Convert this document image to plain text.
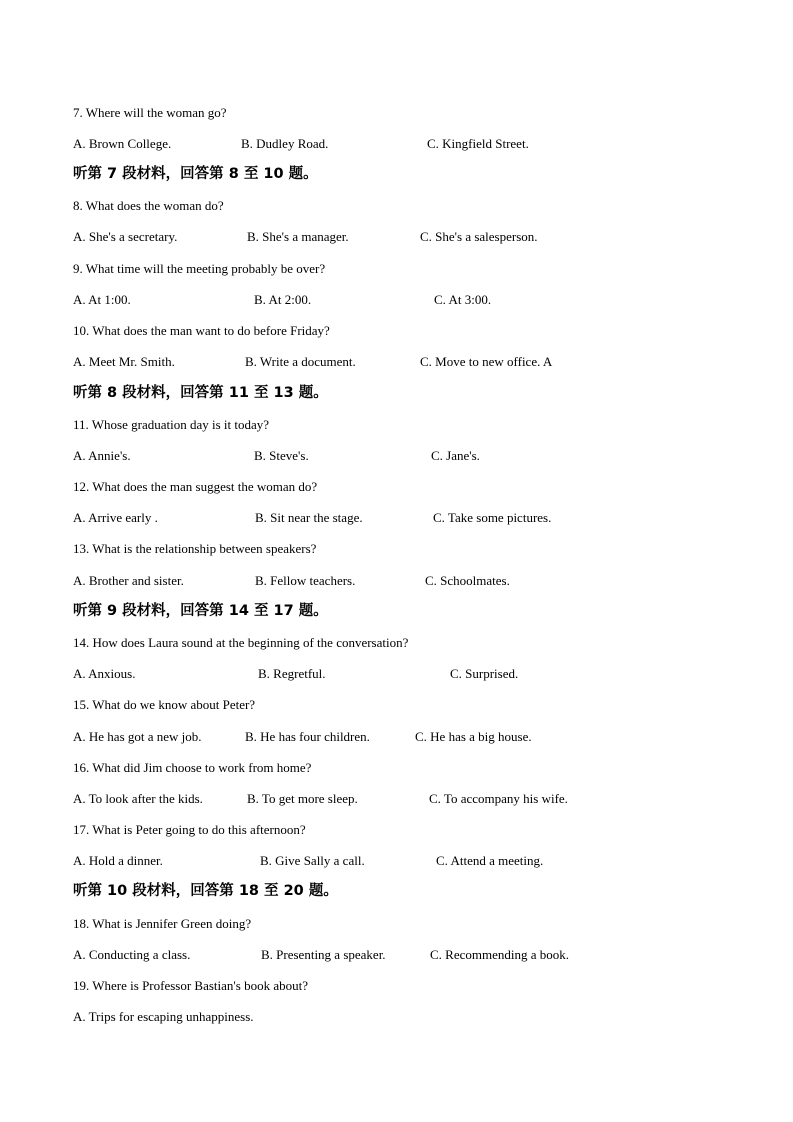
7. Where will the woman go?
A. Brown College.	B. Dudley Road.	C. Kingfield Street.
听第 7 段材料，回答第 8 至 10 题。
8. What does the woman do?
A. She's a secretary.	B. She's a manager.	C. She's a salesperson.
9. What time will the meeting probably be over?
A. At 1:00.	B. At 2:00.	C. At 3:00.
10. What does the man want to do before Friday?
A. Meet Mr. Smith.	B. Write a document.	C. Move to new office. A
听第 8 段材料，回答第 11 至 13 题。
11. Whose graduation day is it today?
A. Annie's.	B. Steve's.	C. Jane's.
12. What does the man suggest the woman do?
A. Arrive early .	B. Sit near the stage.	C. Take some pictures.
13. What is the relationship between speakers?
A. Brother and sister.	B. Fellow teachers.	C. Schoolmates.
听第 9 段材料，回答第 14 至 17 题。
14. How does Laura sound at the beginning of the conversation?
A. Anxious.	B. Regretful.	C. Surprised.
15. What do we know about Peter?
A. He has got a new job.	B. He has four children.	C. He has a big house.
16. What did Jim choose to work from home?
A. To look after the kids.	B. To get more sleep.	C. To accompany his wife.
17. What is Peter going to do this afternoon?
A. Hold a dinner.	B. Give Sally a call.	C. Attend a meeting.
听第 10 段材料，回答第 18 至 20 题。
18. What is Jennifer Green doing?
A. Conducting a class.	B. Presenting a speaker.	C. Recommending a book.
19. Where is Professor Bastian's book about?
A. Trips for escaping unhappiness.
